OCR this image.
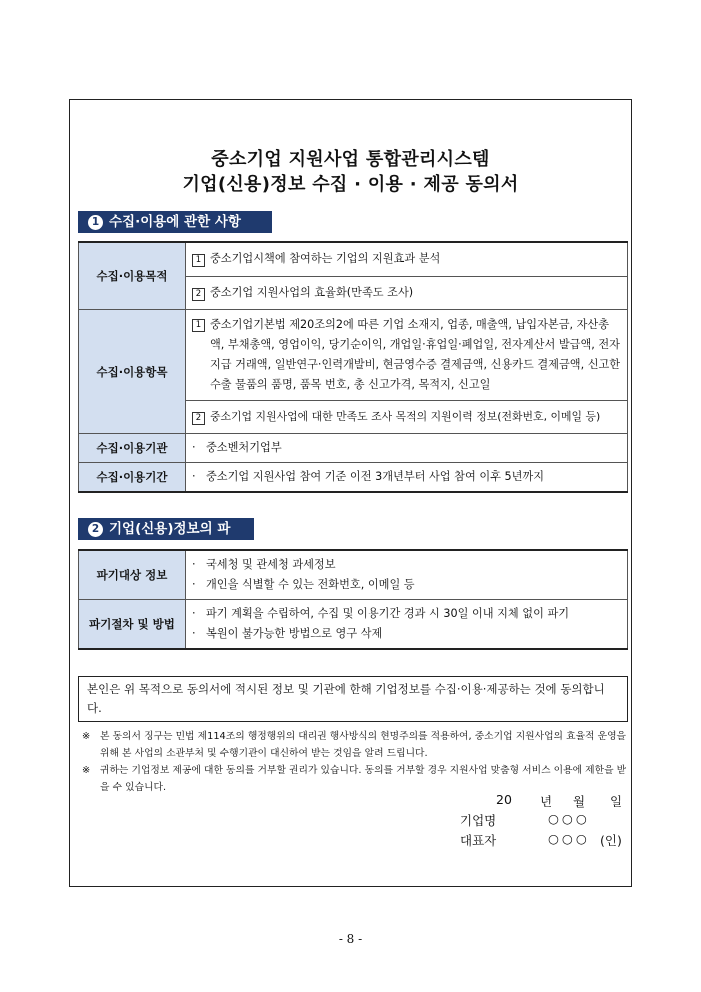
중소기업 지원사업 통합관리시스템
기업(신용)정보 수집 · 이용 · 제공 동의서
1 수집·이용에 관한 사항
수집·이용목적	1 중소기업시책에 참여하는 기업의 지원효과 분석
	2 중소기업 지원사업의 효율화(만족도 조사)
수집·이용항목	1 중소기업기본법 제20조의2에 따른 기업 소재지, 업종, 매출액, 납입자본금, 자산총액, 부채총액, 영업이익, 당기순이익, 개업일·휴업일·폐업일, 전자계산서 발급액, 전자지급 거래액, 일반연구·인력개발비, 현금영수증 결제금액, 신용카드 결제금액, 신고한 수출 물품의 품명, 품목 번호, 총 신고가격, 목적지, 신고일

	2 중소기업 지원사업에 대한 만족도 조사 목적의 지원이력 정보(전화번호, 이메일 등)
수집·이용기관	· 중소벤처기업부
수집·이용기간	· 중소기업 지원사업 참여 기준 이전 3개년부터 사업 참여 이후 5년까지
2 기업(신용)정보의 파
파기대상 정보	· 국세청 및 관세청 과세정보
· 개인을 식별할 수 있는 전화번호, 이메일 등

파기절차 및 방법	· 파기 계획을 수립하여, 수집 및 이용기간 경과 시 30일 이내 지체 없이 파기
· 복원이 불가능한 방법으로 영구 삭제
본인은 위 목적으로 동의서에 적시된 정보 및 기관에 한해 기업정보를 수집·이용·제공하는 것에 동의합니다.
※ 본 동의서 징구는 민법 제114조의 행정행위의 대리권 행사방식의 현명주의를 적용하여, 중소기업 지원사업의 효율적 운영을 위해 본 사업의 소관부처 및 수행기관이 대신하여 받는 것임을 알려 드립니다.
※ 귀하는 기업정보 제공에 대한 동의를 거부할 권리가 있습니다. 동의를 거부할 경우 지원사업 맞춤형 서비스 이용에 제한을 받을 수 있습니다.
20 년 월 일
기업명	○○○
대표자	○○○ (인)
- 8 -
